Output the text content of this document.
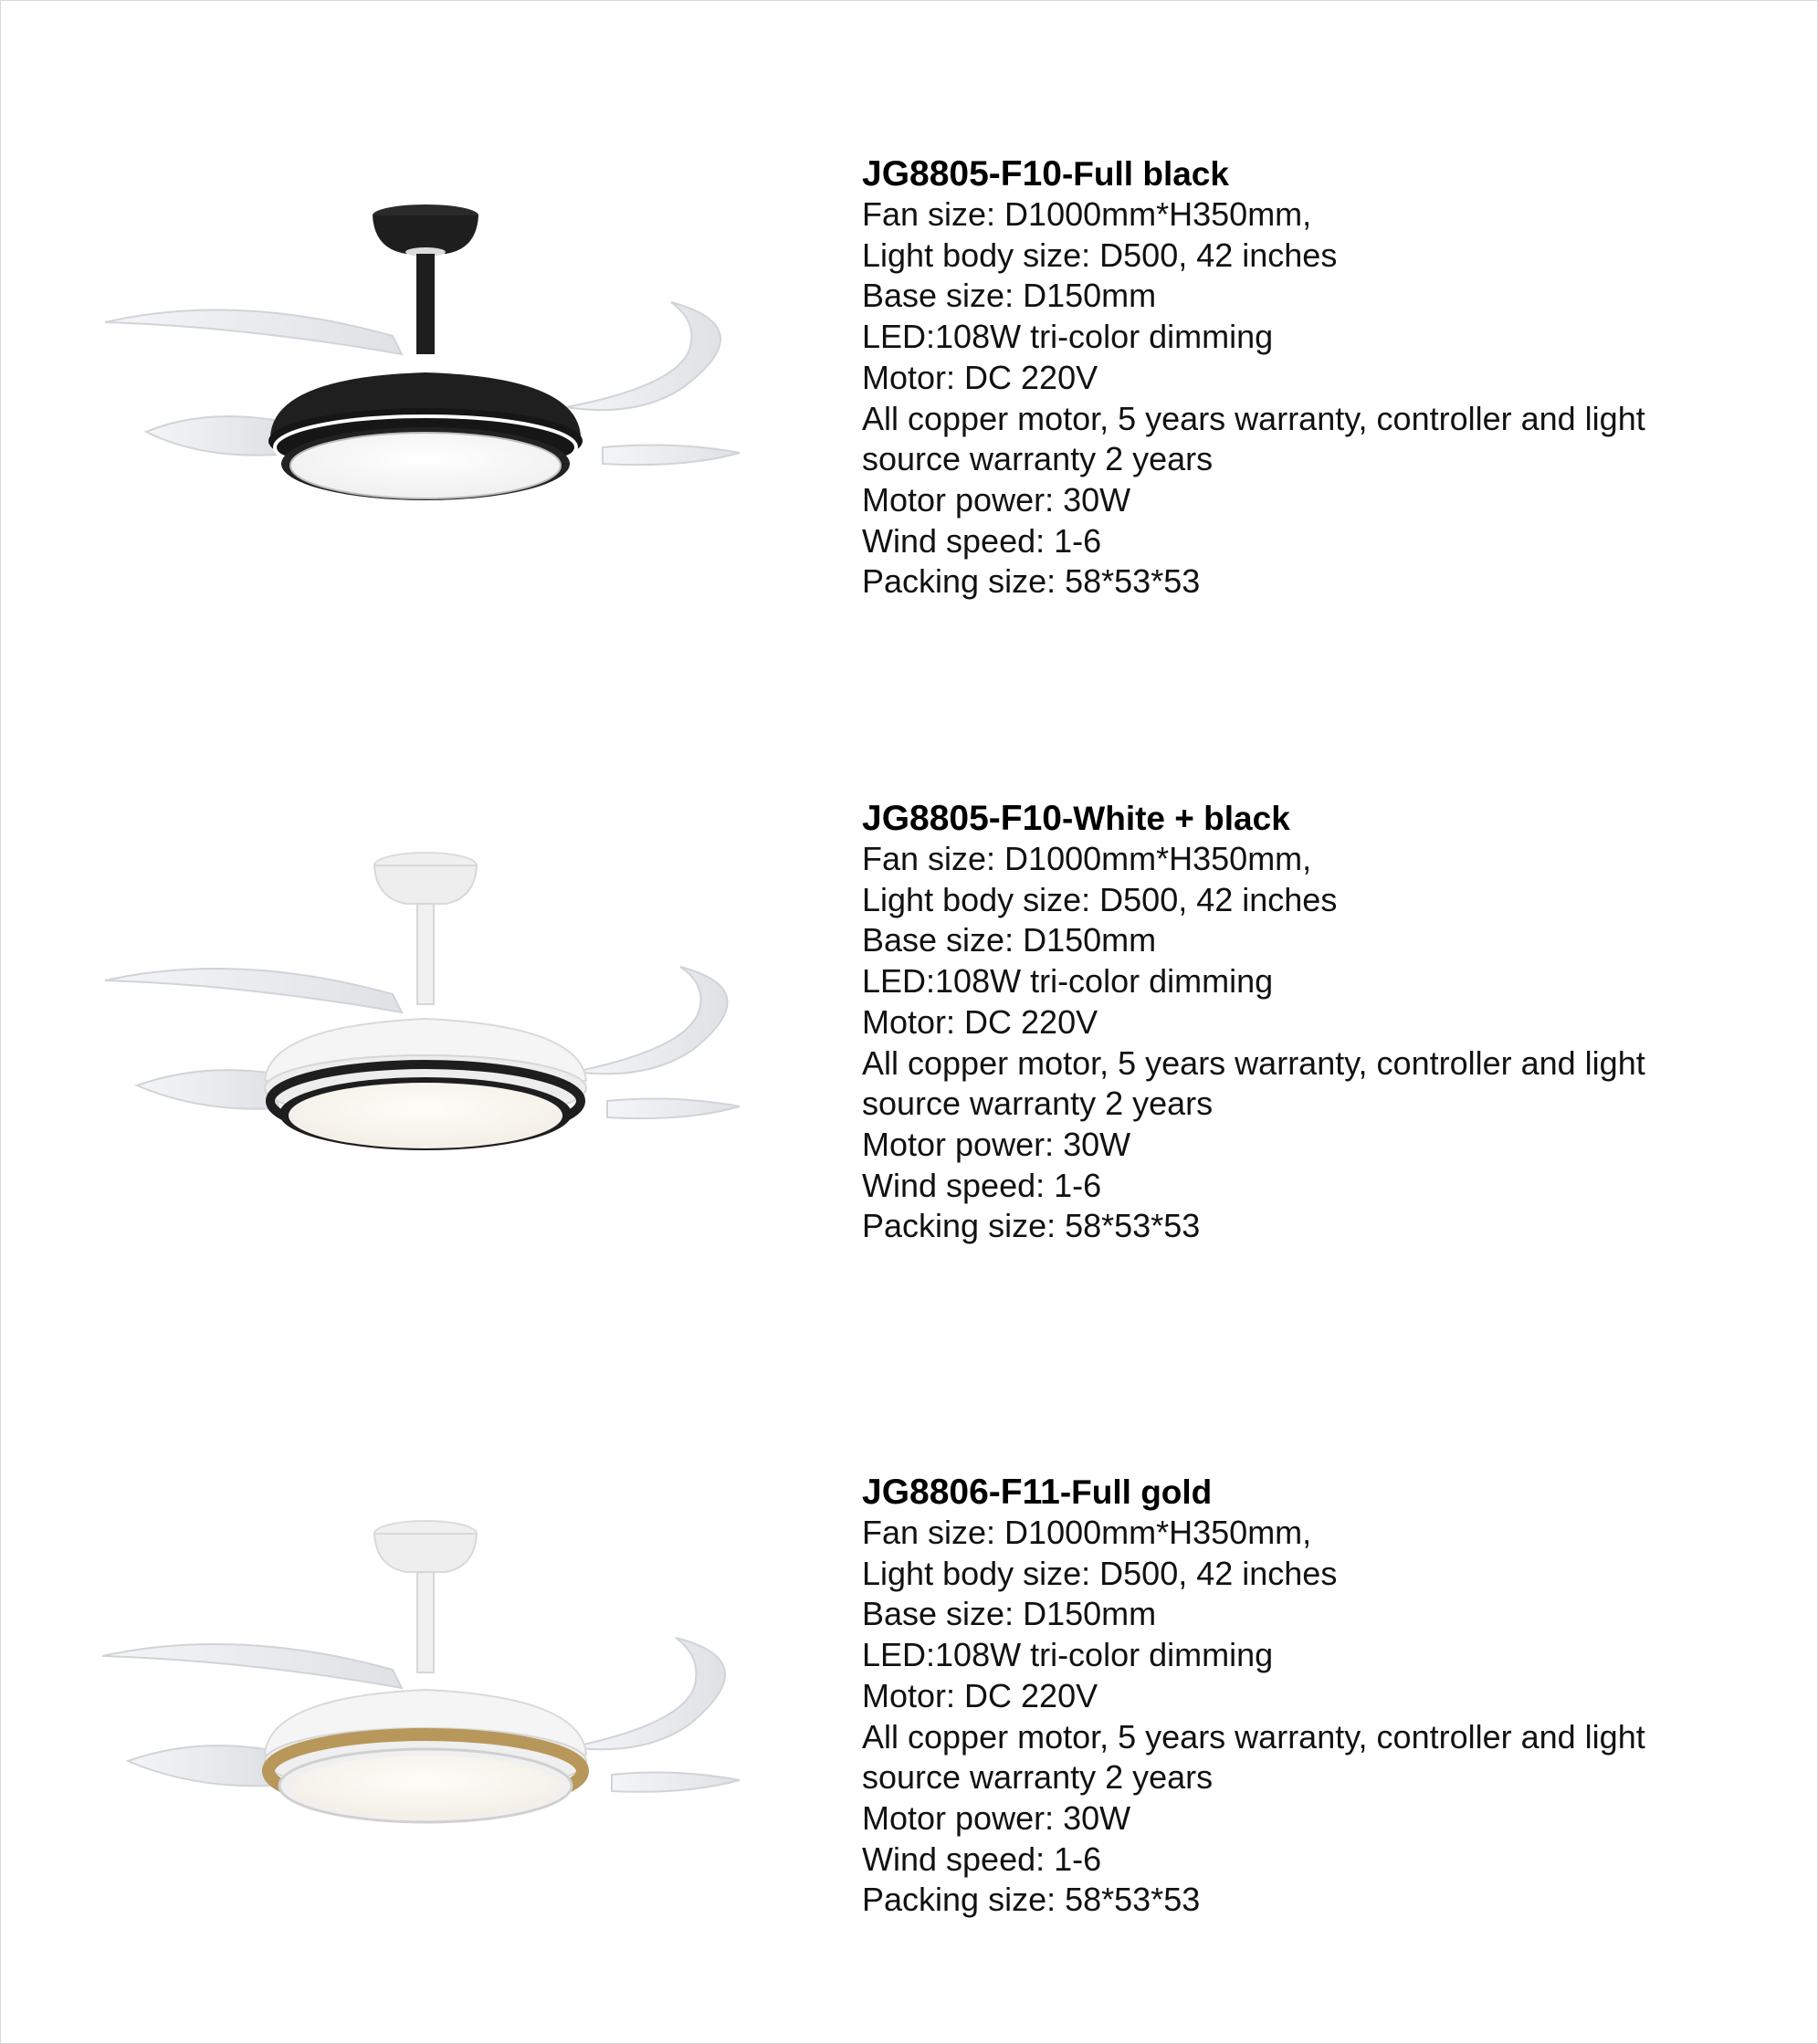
JG8805-F10-Full black

Fan size: D1000mm*H350mm,

Light body size: D500, 42 inches

Base size: D150mm

LED:108W tri-color dimming

Motor: DC 220V

All copper motor, 5 years warranty, controller and light

source warranty 2 years

Motor power: 30W

Wind speed: 1-6

Packing size: 58*53*53

JG8805-F10-White + black

Fan size: D1000mm*H350mm,

Light body size: D500, 42 inches

Base size: D150mm

LED:108W tri-color dimming

Motor: DC 220V

All copper motor, 5 years warranty, controller and light

source warranty 2 years

Motor power: 30W

Wind speed: 1-6

Packing size: 58*53*53

JG8806-F11-Full gold

Fan size: D1000mm*H350mm,

Light body size: D500, 42 inches

Base size: D150mm

LED:108W tri-color dimming

Motor: DC 220V

All copper motor, 5 years warranty, controller and light

source warranty 2 years

Motor power: 30W

Wind speed: 1-6

Packing size: 58*53*53
